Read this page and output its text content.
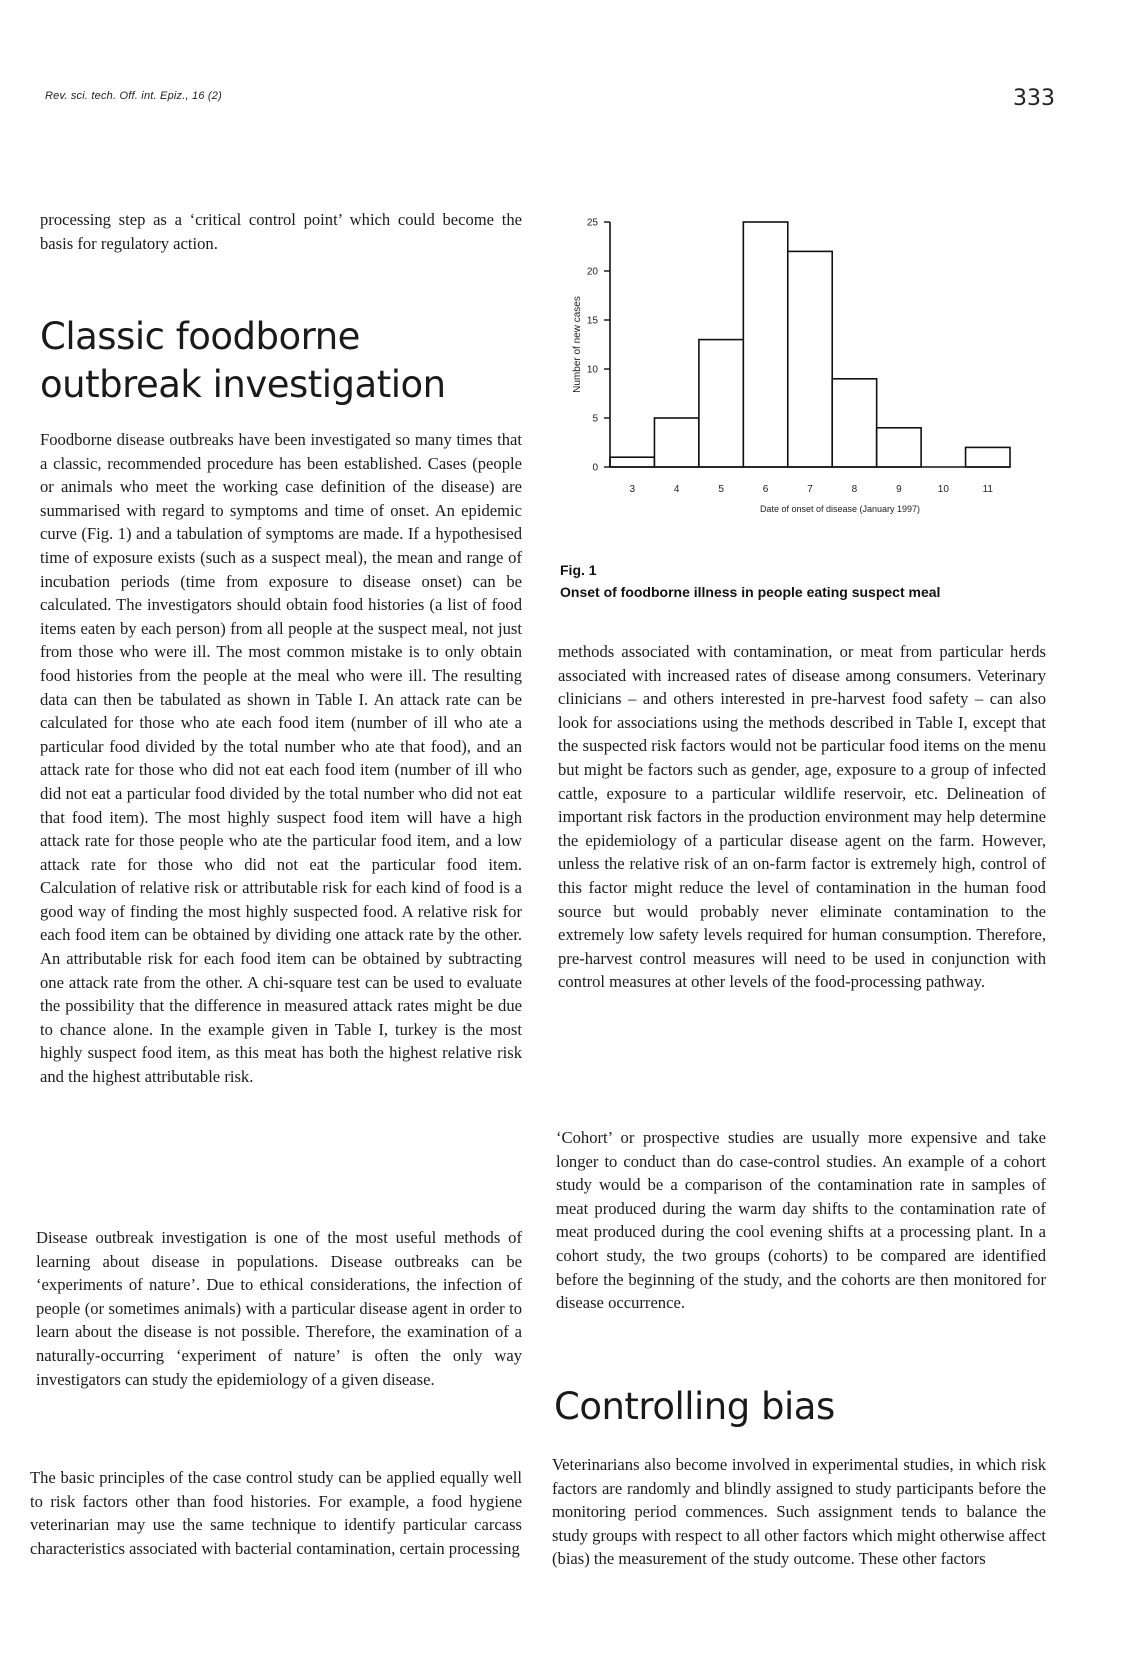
Rev. sci. tech. Off. int. Epiz., 16 (2)	333

processing step as a ‘critical control point’ which could become the basis for regulatory action.

Classic foodborne outbreak investigation

Foodborne disease outbreaks have been investigated so many times that a classic, recommended procedure has been established. Cases (people or animals who meet the working case definition of the disease) are summarised with regard to symptoms and time of onset. An epidemic curve (Fig. 1) and a tabulation of symptoms are made. If a hypothesised time of exposure exists (such as a suspect meal), the mean and range of incubation periods (time from exposure to disease onset) can be calculated. The investigators should obtain food histories (a list of food items eaten by each person) from all people at the suspect meal, not just from those who were ill. The most common mistake is to only obtain food histories from the people at the meal who were ill. The resulting data can then be tabulated as shown in Table I. An attack rate can be calculated for those who ate each food item (number of ill who ate a particular food divided by the total number who ate that food), and an attack rate for those who did not eat each food item (number of ill who did not eat a particular food divided by the total number who did not eat that food item). The most highly suspect food item will have a high attack rate for those people who ate the particular food item, and a low attack rate for those who did not eat the particular food item. Calculation of relative risk or attributable risk for each kind of food is a good way of finding the most highly suspected food. A relative risk for each food item can be obtained by dividing one attack rate by the other. An attributable risk for each food item can be obtained by subtracting one attack rate from the other. A chi-square test can be used to evaluate the possibility that the difference in measured attack rates might be due to chance alone. In the example given in Table I, turkey is the most highly suspect food item, as this meat has both the highest relative risk and the highest attributable risk.

Disease outbreak investigation is one of the most useful methods of learning about disease in populations. Disease outbreaks can be ‘experiments of nature’. Due to ethical considerations, the infection of people (or sometimes animals) with a particular disease agent in order to learn about the disease is not possible. Therefore, the examination of a naturally-occurring ‘experiment of nature’ is often the only way investigators can study the epidemiology of a given disease.

The basic principles of the case control study can be applied equally well to risk factors other than food histories. For example, a food hygiene veterinarian may use the same technique to identify particular carcass characteristics associated with bacterial contamination, certain processing

0
5
10
15
20
25
3	4	5	6	7	8	9	10	11
Date of onset of disease (January 1997)
Number of new cases
Fig. 1
Onset of foodborne illness in people eating suspect meal

methods associated with contamination, or meat from particular herds associated with increased rates of disease among consumers. Veterinary clinicians – and others interested in pre-harvest food safety – can also look for associations using the methods described in Table I, except that the suspected risk factors would not be particular food items on the menu but might be factors such as gender, age, exposure to a group of infected cattle, exposure to a particular wildlife reservoir, etc. Delineation of important risk factors in the production environment may help determine the epidemiology of a particular disease agent on the farm. However, unless the relative risk of an on-farm factor is extremely high, control of this factor might reduce the level of contamination in the human food source but would probably never eliminate contamination to the extremely low safety levels required for human consumption. Therefore, pre-harvest control measures will need to be used in conjunction with control measures at other levels of the food-processing pathway.

‘Cohort’ or prospective studies are usually more expensive and take longer to conduct than do case-control studies. An example of a cohort study would be a comparison of the contamination rate in samples of meat produced during the warm day shifts to the contamination rate of meat produced during the cool evening shifts at a processing plant. In a cohort study, the two groups (cohorts) to be compared are identified before the beginning of the study, and the cohorts are then monitored for disease occurrence.

Controlling bias

Veterinarians also become involved in experimental studies, in which risk factors are randomly and blindly assigned to study participants before the monitoring period commences. Such assignment tends to balance the study groups with respect to all other factors which might otherwise affect (bias) the measurement of the study outcome. These other factors
